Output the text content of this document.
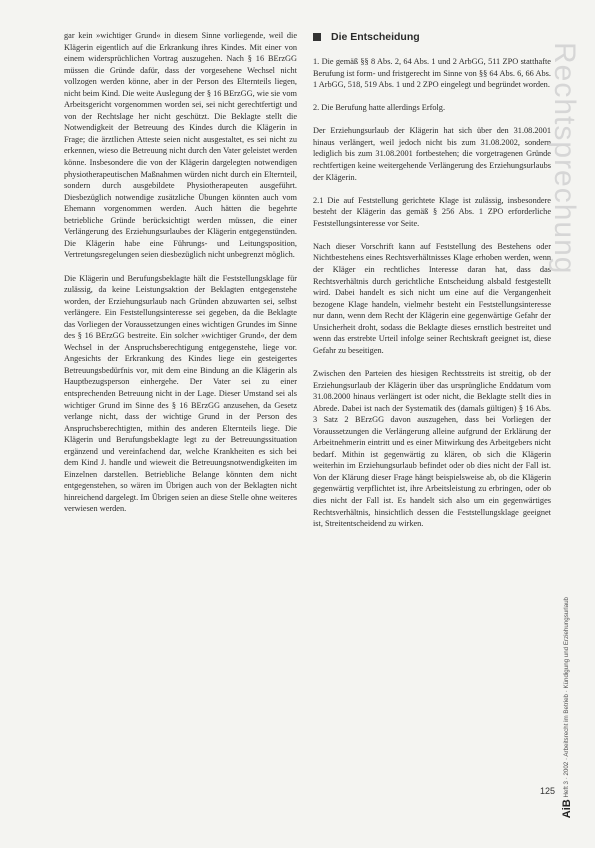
gar kein »wichtiger Grund« in diesem Sinne vorliegende, weil die Klägerin eigentlich auf die Erkrankung ihres Kindes. Mit einer von einem widersprüchlichen Vortrag auszugehen. Nach § 16 BErzGG müssen die Gründe dafür, dass der vorgesehene Wechsel nicht vollzogen werden könne, aber in der Person des Elternteils liegen, nicht beim Kind. Die weite Auslegung der § 16 BErzGG, wie sie vom Arbeitsgericht vorgenommen worden sei, sei nicht gerechtfertigt und von der Rechtslage her nicht geschützt. Die Beklagte stellt die Notwendigkeit der Betreuung des Kindes durch die Klägerin in Frage; die ärztlichen Atteste seien nicht ausgestaltet, es sei nicht zu erkennen, wieso die Betreuung nicht durch den Vater geleistet werden könne. Insbesondere die von der Klägerin dargelegten notwendigen physiotherapeutischen Maßnahmen würden nicht durch ein Elternteil, sondern durch ausgebildete Physiotherapeuten ausgeführt. Diesbezüglich notwendige zusätzliche Übungen könnten auch vom Ehemann vorgenommen werden. Auch hätten die begehrte betriebliche Gründe berücksichtigt werden müssen, die einer Verlängerung des Erziehungsurlaubes der Klägerin entgegenstünden. Die Klägerin habe eine Führungs- und Leitungsposition, Vertretungsregelungen seien diesbezüglich nicht unbegrenzt möglich.

Die Klägerin und Berufungsbeklagte hält die Feststellungsklage für zulässig, da keine Leistungsaktion der Beklagten entgegenstehe worden, der Erziehungsurlaub nach Gründen abzuwarten sei, selbst verlängere. Ein Feststellungsinteresse sei gegeben, da die Beklagte das Vorliegen der Voraussetzungen eines wichtigen Grundes im Sinne des § 16 BErzGG bestreite. Ein solcher »wichtiger Grund«, der dem Wechsel in der Anspruchsberechtigung entgegenstehe, liege vor. Angesichts der Erkrankung des Kindes liege ein gesteigertes Betreuungsbedürfnis vor, mit dem eine Bindung an die Klägerin als Hauptbezugsperson einhergehe. Der Vater sei zu einer entsprechenden Betreuung nicht in der Lage. Dieser Umstand sei als wichtiger Grund im Sinne des § 16 BErzGG anzusehen, da Gesetz verlange nicht, dass der wichtige Grund in der Person des Anspruchsberechtigten, mithin des anderen Elternteils liege. Die Klägerin und Berufungsbeklagte legt zu der Betreuungssituation ergänzend und vereinfachend dar, welche Krankheiten es sich bei dem Kind J. handle und wieweit die Betreuungsnotwendigkeiten im Einzelnen darstellen. Betriebliche Belange könnten dem nicht entgegenstehen, so wären im Übrigen auch von der Beklagten nicht hinreichend dargelegt. Im Übrigen seien an diese Stelle ohne weiteres verwiesen werden.

Die Entscheidung

1. Die gemäß §§ 8 Abs. 2, 64 Abs. 1 und 2 ArbGG, 511 ZPO statthafte Berufung ist form- und fristgerecht im Sinne von §§ 64 Abs. 6, 66 Abs. 1 ArbGG, 518, 519 Abs. 1 und 2 ZPO eingelegt und begründet worden.

2. Die Berufung hatte allerdings Erfolg.

Der Erziehungsurlaub der Klägerin hat sich über den 31.08.2001 hinaus verlängert, weil jedoch nicht bis zum 31.08.2002, sondern lediglich bis zum 31.08.2001 fortbestehen; die vorgetragenen Gründe rechtfertigen keine weitergehende Verlängerung des Erziehungsurlaubs der Klägerin.

2.1 Die auf Feststellung gerichtete Klage ist zulässig, insbesondere besteht der Klägerin das gemäß § 256 Abs. 1 ZPO erforderliche Feststellungsinteresse vor Seite.

Nach dieser Vorschrift kann auf Feststellung des Bestehens oder Nichtbestehens eines Rechtsverhältnisses Klage erhoben werden, wenn der Kläger ein rechtliches Interesse daran hat, dass das Rechtsverhältnis durch gerichtliche Entscheidung alsbald festgestellt wird. Dabei handelt es sich nicht um eine auf die Vergangenheit bezogene Klage handeln, vielmehr besteht ein Feststellungsinteresse nur dann, wenn dem Recht der Klägerin eine gegenwärtige Gefahr der Unsicherheit droht, sodass die Beklagte dieses ernstlich bestreitet und wenn das erstrebte Urteil infolge seiner Rechtskraft geeignet ist, diese Gefahr zu beseitigen.

Zwischen den Parteien des hiesigen Rechtsstreits ist streitig, ob der Erziehungsurlaub der Klägerin über das ursprüngliche Enddatum vom 31.08.2000 hinaus verlängert ist oder nicht, die Beklagte stellt dies in Abrede. Dabei ist nach der Systematik des (damals gültigen) § 16 Abs. 3 Satz 2 BErzGG davon auszugehen, dass bei Vorliegen der Voraussetzungen die Verlängerung alleine aufgrund der Erklärung der Arbeitnehmerin eintritt und es einer Mitwirkung des Arbeitgebers nicht bedarf. Mithin ist gegenwärtig zu klären, ob sich die Klägerin weiterhin im Erziehungsurlaub befindet oder ob dies nicht der Fall ist. Von der Klärung dieser Frage hängt beispielsweise ab, ob die Klägerin gegenwärtig verpflichtet ist, ihre Arbeitsleistung zu erbringen, oder ob dies nicht der Fall ist. Es handelt sich also um ein gegenwärtiges Rechtsverhältnis, hinsichtlich dessen die Feststellungsklage geeignet ist, Streitentscheidend zu wirken.

Rechtsprechung
AiB Heft 3 · 2002 · Arbeitsrecht im Betrieb · Kündigung und Erziehungsurlaub
125
